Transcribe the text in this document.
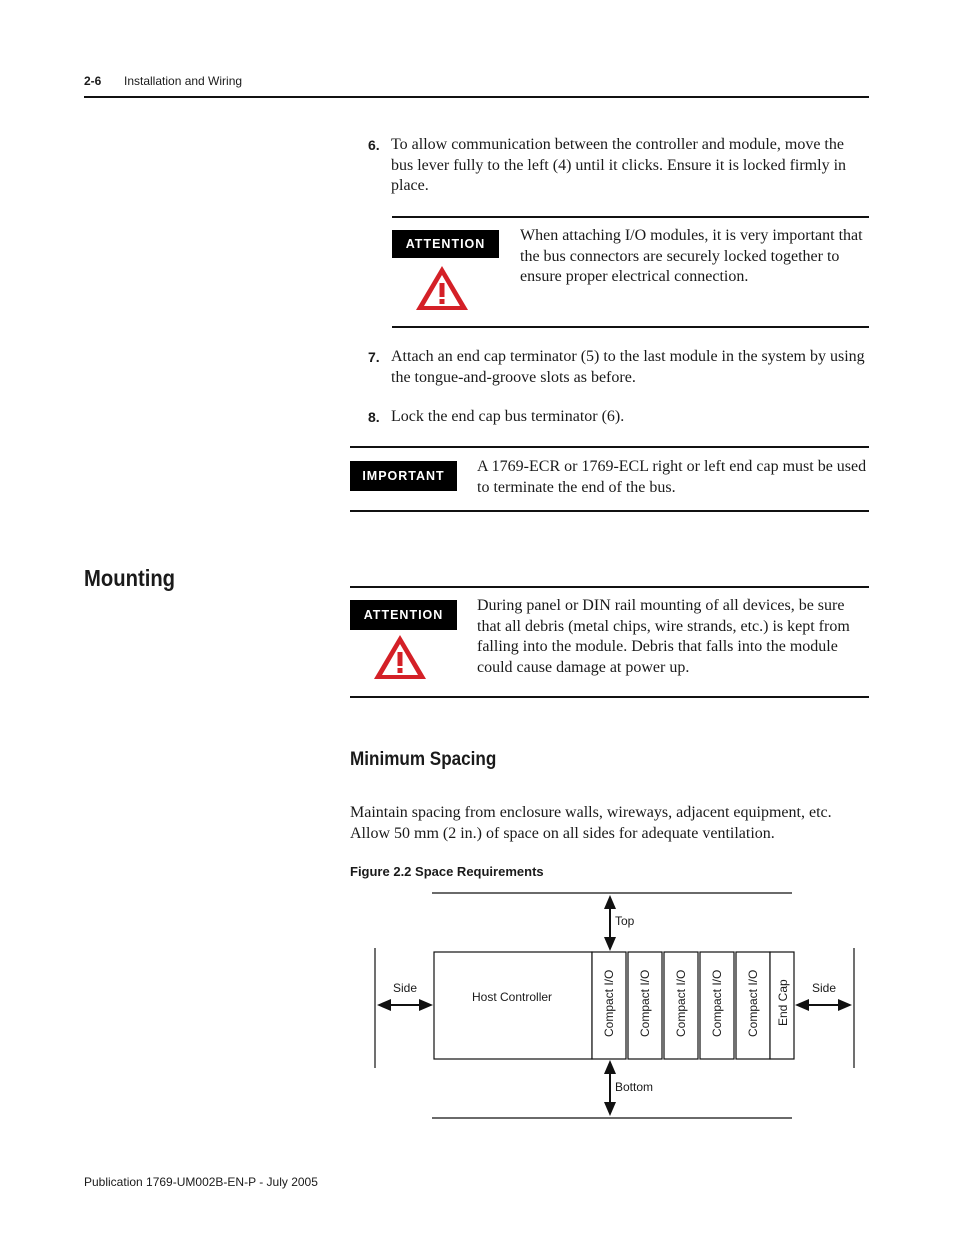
2-6 Installation and Wiring
6. To allow communication between the controller and module, move the bus lever fully to the left (4) until it clicks. Ensure it is locked firmly in place.
ATTENTION	When attaching I/O modules, it is very important that the bus connectors are securely locked together to ensure proper electrical connection.
7. Attach an end cap terminator (5) to the last module in the system by using the tongue-and-groove slots as before.
8. Lock the end cap bus terminator (6).
IMPORTANT
A 1769-ECR or 1769-ECL right or left end cap must be used to terminate the end of the bus.
Mounting
ATTENTION
During panel or DIN rail mounting of all devices, be sure that all debris (metal chips, wire strands, etc.) is kept from falling into the module. Debris that falls into the module could cause damage at power up.
Minimum Spacing
Maintain spacing from enclosure walls, wireways, adjacent equipment, etc. Allow 50 mm (2 in.) of space on all sides for adequate ventilation.
Figure 2.2 Space Requirements
Host Controller	Compact I/O Compact I/O Compact I/O Compact I/O Compact I/O End Cap
Top
Bottom
Side	Side
Publication 1769-UM002B-EN-P - July 2005
